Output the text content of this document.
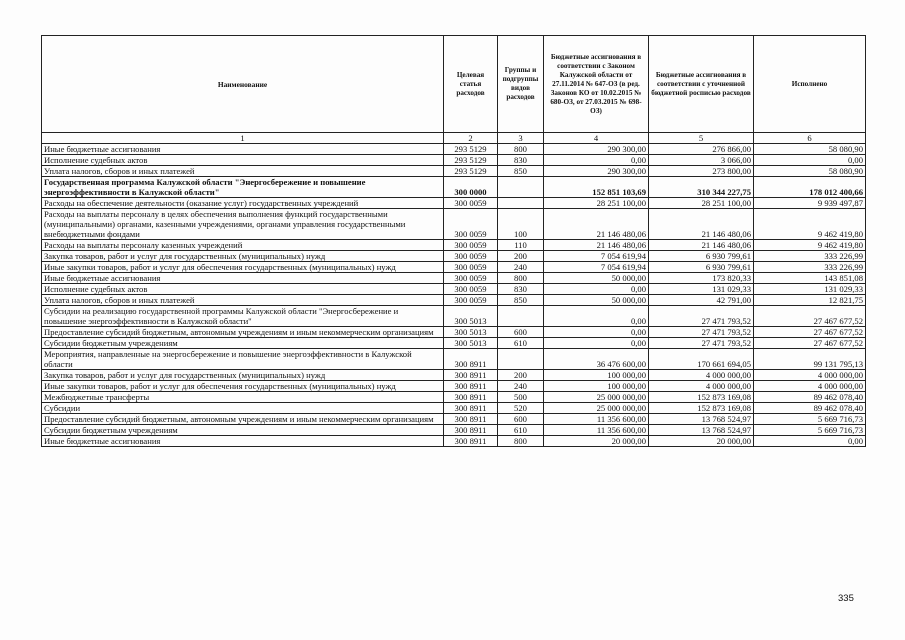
Наименование	Целевая статья расходов	Группы и подгруппы видов расходов	Бюджетные ассигнования в соответствии с Законом Калужской области от 27.11.2014 № 647-ОЗ (в ред. Законов КО от 10.02.2015 № 680-ОЗ, от 27.03.2015 № 698-ОЗ)	Бюджетные ассигнования в соответствии с уточненной бюджетной росписью расходов	Исполнено
1	2	3	4	5	6
Иные бюджетные ассигнования	293 5129	800	290 300,00	276 866,00	58 080,90
Исполнение судебных актов	293 5129	830	0,00	3 066,00	0,00
Уплата налогов, сборов и иных платежей	293 5129	850	290 300,00	273 800,00	58 080,90
Государственная программа Калужской области "Энергосбережение и повышение энергоэффективности в Калужской области"	300 0000		152 851 103,69	310 344 227,75	178 012 400,66
Расходы на обеспечение деятельности (оказание услуг) государственных учреждений	300 0059		28 251 100,00	28 251 100,00	9 939 497,87
Расходы на выплаты персоналу в целях обеспечения выполнения функций государственными (муниципальными) органами, казенными учреждениями, органами управления государственными внебюджетными фондами	300 0059	100	21 146 480,06	21 146 480,06	9 462 419,80
Расходы на выплаты персоналу казенных учреждений	300 0059	110	21 146 480,06	21 146 480,06	9 462 419,80
Закупка товаров, работ и услуг для государственных (муниципальных) нужд	300 0059	200	7 054 619,94	6 930 799,61	333 226,99
Иные закупки товаров, работ и услуг для обеспечения государственных (муниципальных) нужд	300 0059	240	7 054 619,94	6 930 799,61	333 226,99
Иные бюджетные ассигнования	300 0059	800	50 000,00	173 820,33	143 851,08
Исполнение судебных актов	300 0059	830	0,00	131 029,33	131 029,33
Уплата налогов, сборов и иных платежей	300 0059	850	50 000,00	42 791,00	12 821,75
Субсидии на реализацию государственной программы Калужской области "Энергосбережение и повышение энергоэффективности в Калужской области"	300 5013		0,00	27 471 793,52	27 467 677,52
Предоставление субсидий бюджетным, автономным учреждениям и иным некоммерческим организациям	300 5013	600	0,00	27 471 793,52	27 467 677,52
Субсидии бюджетным учреждениям	300 5013	610	0,00	27 471 793,52	27 467 677,52
Мероприятия, направленные на энергосбережение и повышение энергоэффективности в Калужской области	300 8911		36 476 600,00	170 661 694,05	99 131 795,13
Закупка товаров, работ и услуг для государственных (муниципальных) нужд	300 8911	200	100 000,00	4 000 000,00	4 000 000,00
Иные закупки товаров, работ и услуг для обеспечения государственных (муниципальных) нужд	300 8911	240	100 000,00	4 000 000,00	4 000 000,00
Межбюджетные трансферты	300 8911	500	25 000 000,00	152 873 169,08	89 462 078,40
Субсидии	300 8911	520	25 000 000,00	152 873 169,08	89 462 078,40
Предоставление субсидий бюджетным, автономным учреждениям и иным некоммерческим организациям	300 8911	600	11 356 600,00	13 768 524,97	5 669 716,73
Субсидии бюджетным учреждениям	300 8911	610	11 356 600,00	13 768 524,97	5 669 716,73
Иные бюджетные ассигнования	300 8911	800	20 000,00	20 000,00	0,00
335
